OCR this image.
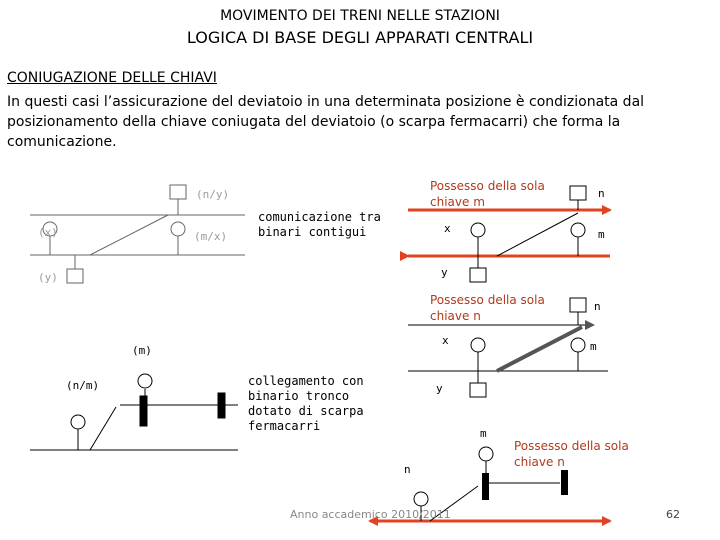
MOVIMENTO DEI TRENI NELLE STAZIONI
LOGICA DI BASE DEGLI APPARATI CENTRALI
CONIUGAZIONE DELLE CHIAVI
In questi casi l’assicurazione del deviatoio in una determinata posizione è condizionata dal posizionamento della chiave coniugata del deviatoio (o scarpa fermacarri) che forma la comunicazione.
(n/y)
(x)	(m/x)
(y)
comunicazione tra binari contigui
Possesso della sola chiave m
n
x	m
y
Possesso della sola chiave n
n
x	m
y
(m)
(n/m)	collegamento con binario tronco dotato di scarpa fermacarri
m
n
Possesso della sola chiave n
Anno accademico 2010/2011	62
